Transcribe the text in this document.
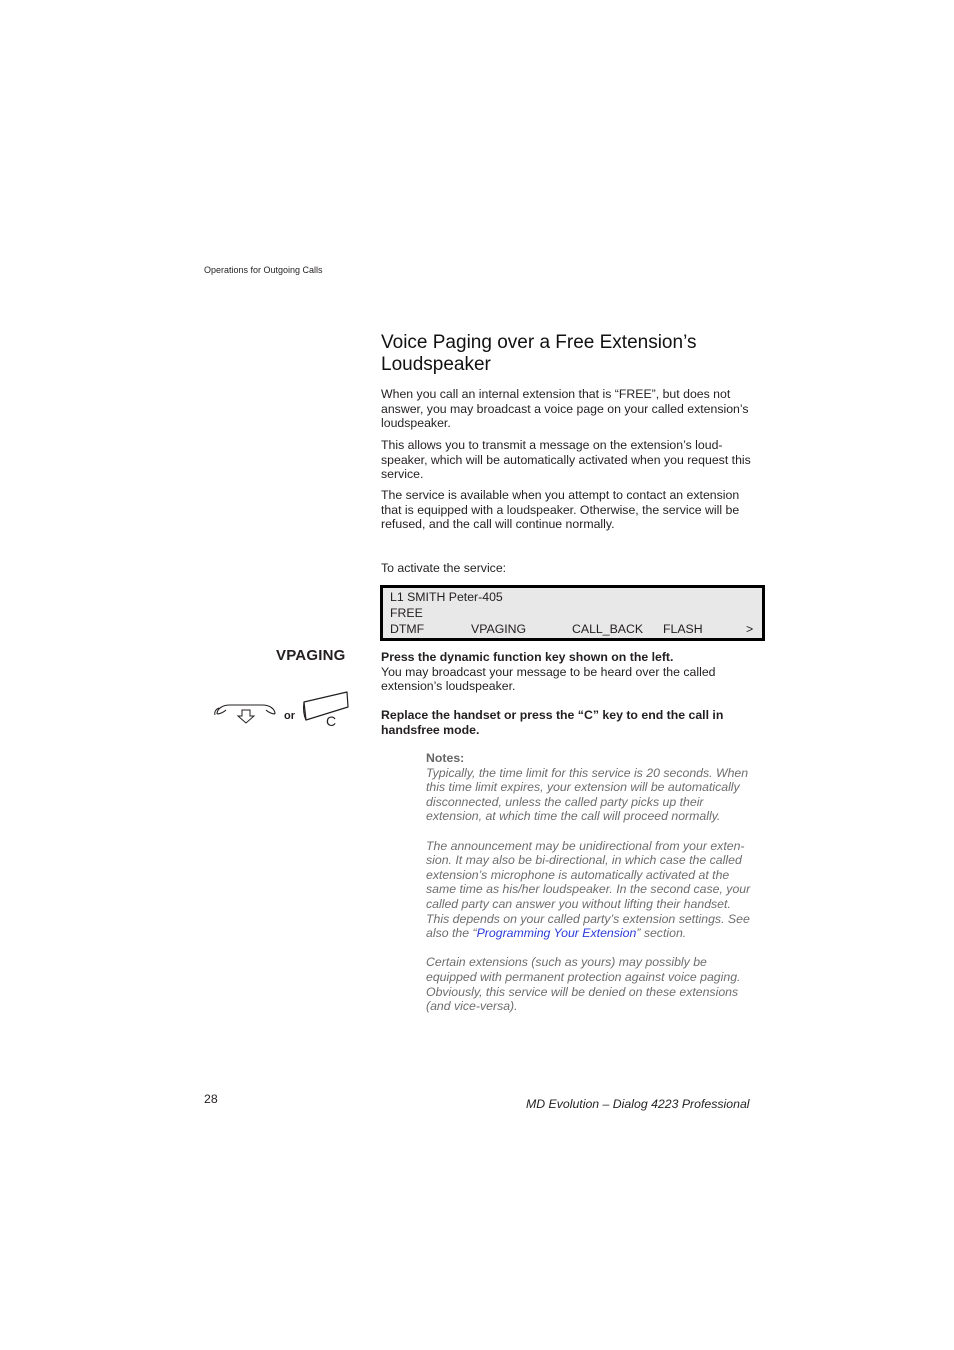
Operations for Outgoing Calls
Voice Paging over a Free Extension’s
Loudspeaker
When you call an internal extension that is “FREE”, but does not answer, you may broadcast a voice page on your called extension’s loudspeaker.
This allows you to transmit a message on the extension’s loud-speaker, which will be automatically activated when you request this service.
The service is available when you attempt to contact an extension that is equipped with a loudspeaker. Otherwise, the service will be refused, and the call will continue normally.
To activate the service:
L1 SMITH Peter-405
FREE
DTMF	VPAGING	CALL_BACK FLASH	>
VPAGING	Press the dynamic function key shown on the left.
You may broadcast your message to be heard over the called extension’s loudspeaker.
or C	Replace the handset or press the “C” key to end the call in handsfree mode.
Notes:
Typically, the time limit for this service is 20 seconds. When this time limit expires, your extension will be automatically disconnected, unless the called party picks up their extension, at which time the call will proceed normally.
The announcement may be unidirectional from your exten-sion. It may also be bi-directional, in which case the called extension’s microphone is automatically activated at the same time as his/her loudspeaker. In the second case, your called party can answer you without lifting their handset. This depends on your called party’s extension settings. See also the “Programming Your Extension” section.
Certain extensions (such as yours) may possibly be equipped with permanent protection against voice paging. Obviously, this service will be denied on these extensions (and vice-versa).
28	MD Evolution – Dialog 4223 Professional
